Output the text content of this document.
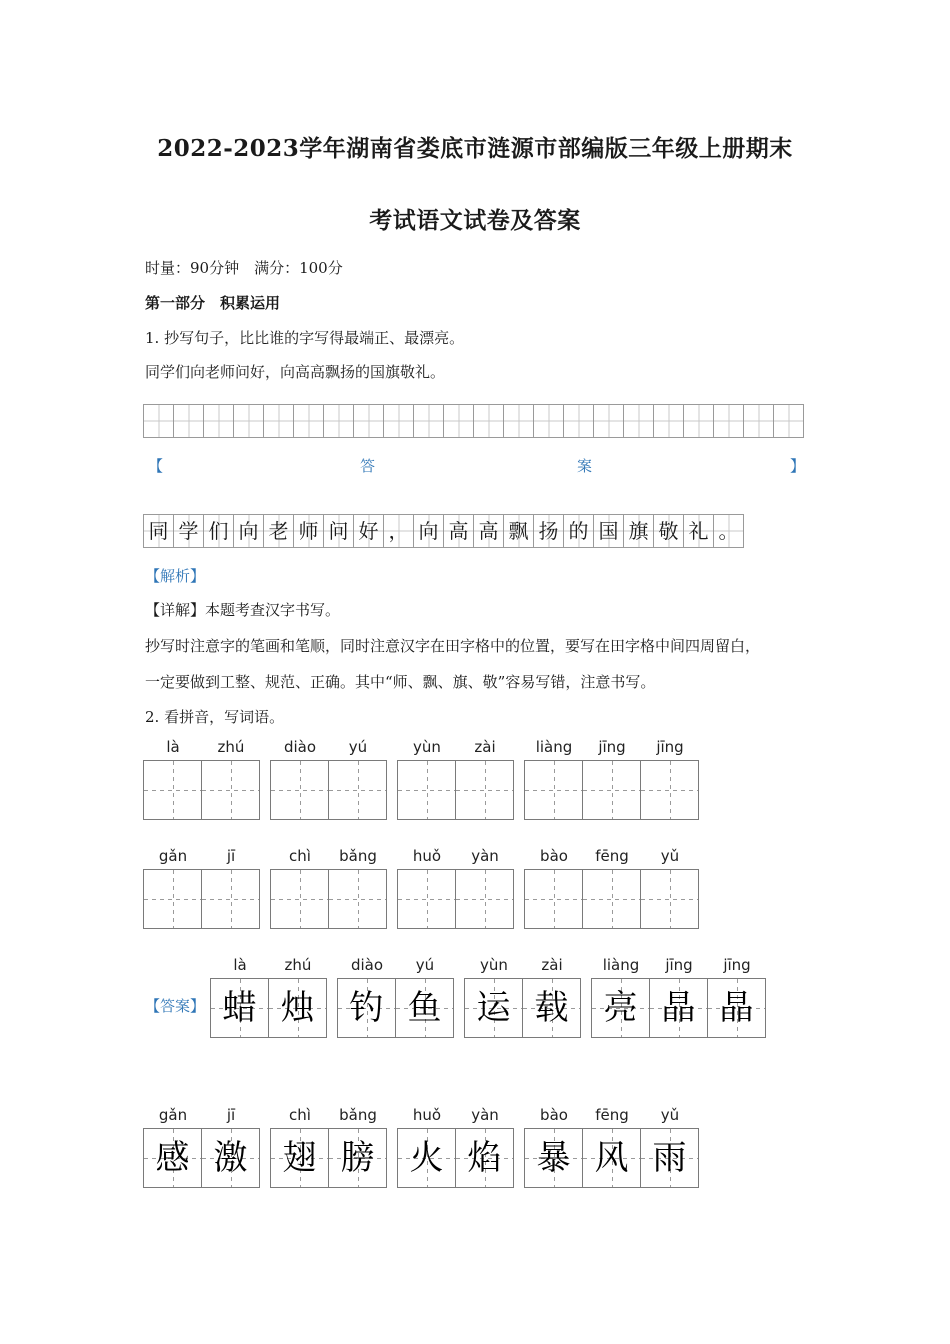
2022-2023学年湖南省娄底市涟源市部编版三年级上册期末
考试语文试卷及答案
时量：90分钟　满分：100分
第一部分　积累运用
1. 抄写句子，比比谁的字写得最端正、最漂亮。
同学们向老师问好，向高高飘扬的国旗敬礼。
【	答	案	】
同 学 们 向 老 师 问 好 ， 向 高 高 飘 扬 的 国 旗 敬 礼 。
【解析】
【详解】本题考查汉字书写。
抄写时注意字的笔画和笔顺，同时注意汉字在田字格中的位置，要写在田字格中间四周留白，
一定要做到工整、规范、正确。其中“师、飘、旗、敬”容易写错，注意书写。
2. 看拼音，写词语。
【答案】
là	zhú	diào	yú	yùn	zài	liàng	jīng	jīng
gǎn	jī	chì	bǎng	huǒ	yàn	bào	fēng	yǔ
là	zhú
蜡 烛
diào	yú
钓 鱼
yùn	zài
运 载
liàng	jīng	jīng
亮 晶 晶
gǎn	jī
感 激
chì	bǎng
翅 膀
huǒ	yàn
火 焰
bào	fēng	yǔ
暴 风 雨
